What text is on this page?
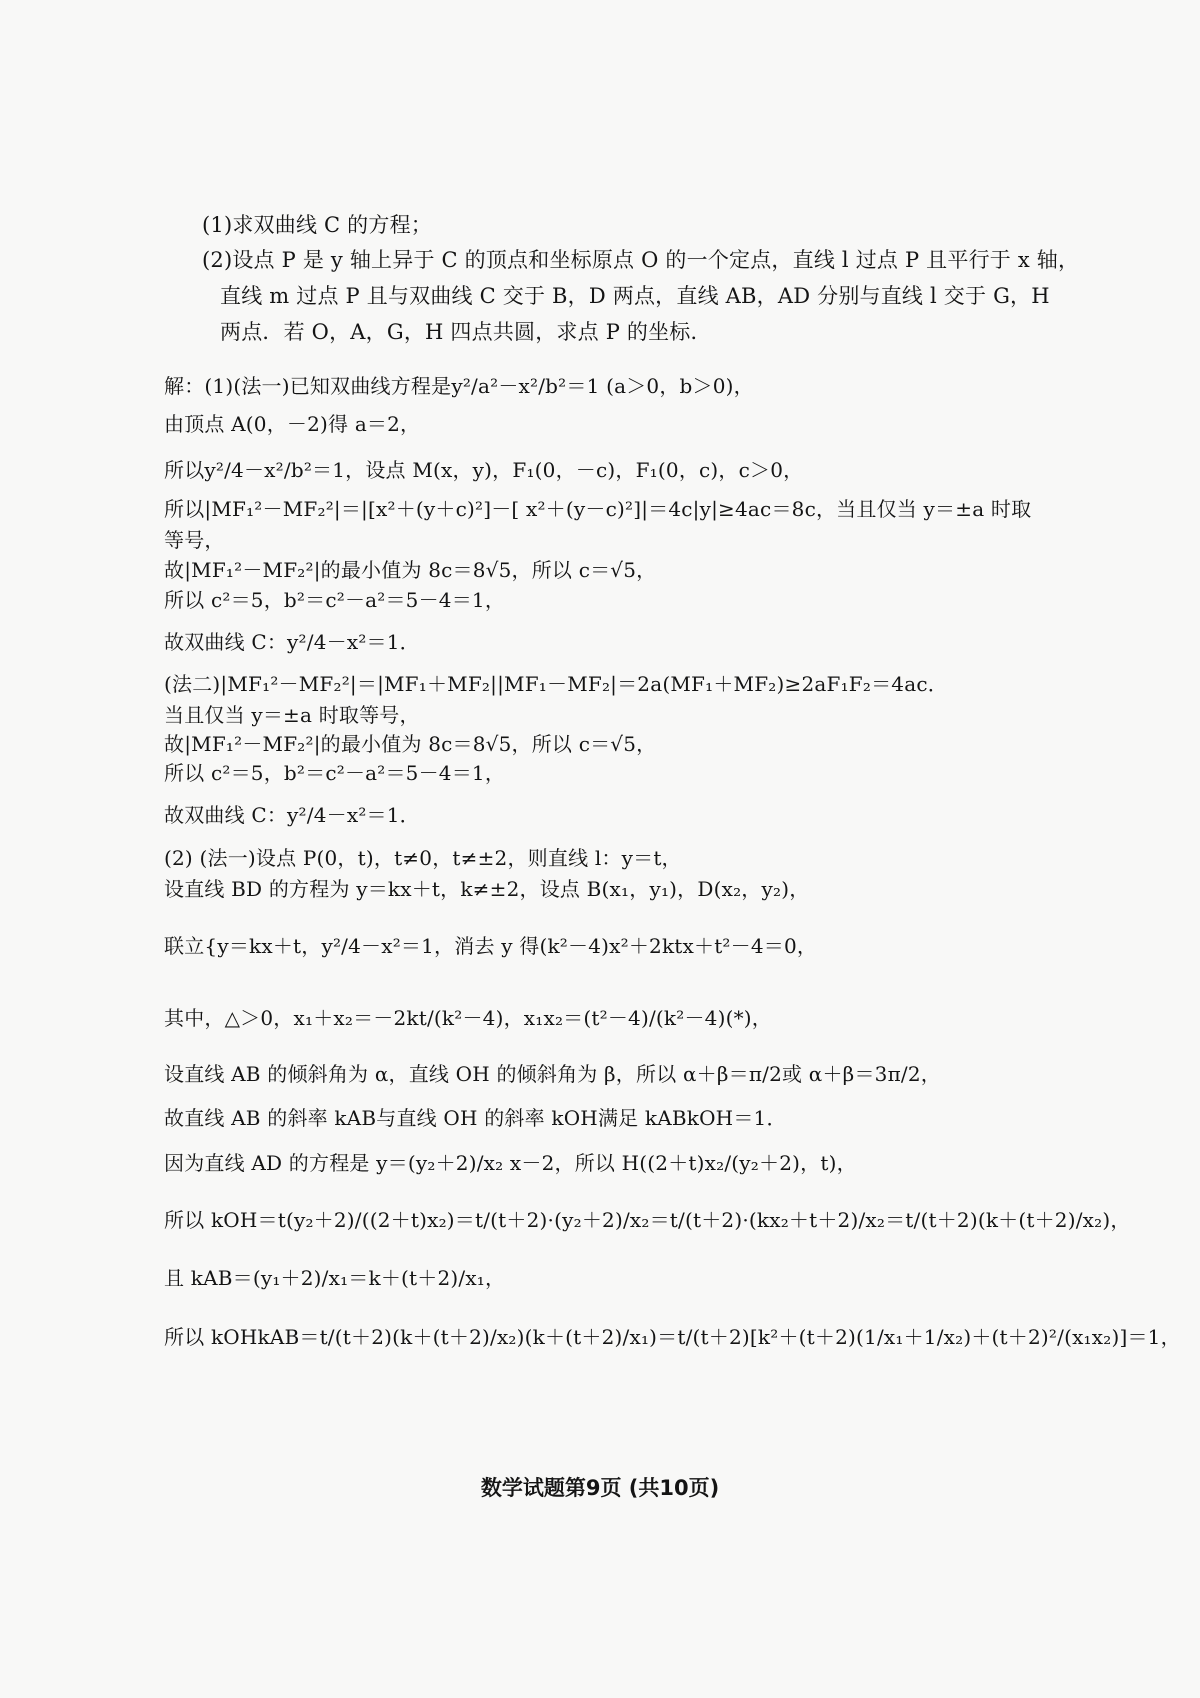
(1)求双曲线 C 的方程；
(2)设点 P 是 y 轴上异于 C 的顶点和坐标原点 O 的一个定点，直线 l 过点 P 且平行于 x 轴，
直线 m 过点 P 且与双曲线 C 交于 B，D 两点，直线 AB，AD 分别与直线 l 交于 G，H
两点．若 O，A，G，H 四点共圆，求点 P 的坐标．
解：(1)(法一)已知双曲线方程是y²/a²－x²/b²＝1 (a＞0，b＞0)，
由顶点 A(0，－2)得 a＝2，
所以y²/4－x²/b²＝1，设点 M(x，y)，F₁(0，－c)，F₁(0，c)，c＞0，
所以|MF₁²－MF₂²|＝|[x²＋(y＋c)²]－[ x²＋(y－c)²]|＝4c|y|≥4ac＝8c，当且仅当 y＝±a 时取
等号，
故|MF₁²－MF₂²|的最小值为 8c＝8√5，所以 c＝√5，
所以 c²＝5，b²＝c²－a²＝5－4＝1，
故双曲线 C：y²/4－x²＝1．
(法二)|MF₁²－MF₂²|＝|MF₁＋MF₂||MF₁－MF₂|＝2a(MF₁＋MF₂)≥2aF₁F₂＝4ac．
当且仅当 y＝±a 时取等号，
故|MF₁²－MF₂²|的最小值为 8c＝8√5，所以 c＝√5，
所以 c²＝5，b²＝c²－a²＝5－4＝1，
故双曲线 C：y²/4－x²＝1．
(2) (法一)设点 P(0，t)，t≠0，t≠±2，则直线 l：y＝t，
设直线 BD 的方程为 y＝kx＋t，k≠±2，设点 B(x₁，y₁)，D(x₂，y₂)，
联立{y＝kx＋t，y²/4－x²＝1，消去 y 得(k²－4)x²＋2ktx＋t²－4＝0，
其中，△＞0，x₁＋x₂＝－2kt/(k²－4)，x₁x₂＝(t²－4)/(k²－4)(*)，
设直线 AB 的倾斜角为 α，直线 OH 的倾斜角为 β，所以 α＋β＝π/2或 α＋β＝3π/2，
故直线 AB 的斜率 kAB与直线 OH 的斜率 kOH满足 kABkOH＝1．
因为直线 AD 的方程是 y＝(y₂＋2)/x₂ x－2，所以 H((2＋t)x₂/(y₂＋2)，t)，
所以 kOH＝t(y₂＋2)/((2＋t)x₂)＝t/(t＋2)·(y₂＋2)/x₂＝t/(t＋2)·(kx₂＋t＋2)/x₂＝t/(t＋2)(k＋(t＋2)/x₂)，
且 kAB＝(y₁＋2)/x₁＝k＋(t＋2)/x₁，
所以 kOHkAB＝t/(t＋2)(k＋(t＋2)/x₂)(k＋(t＋2)/x₁)＝t/(t＋2)[k²＋(t＋2)(1/x₁＋1/x₂)＋(t＋2)²/(x₁x₂)]＝1，
数学试题第9页 (共10页)
